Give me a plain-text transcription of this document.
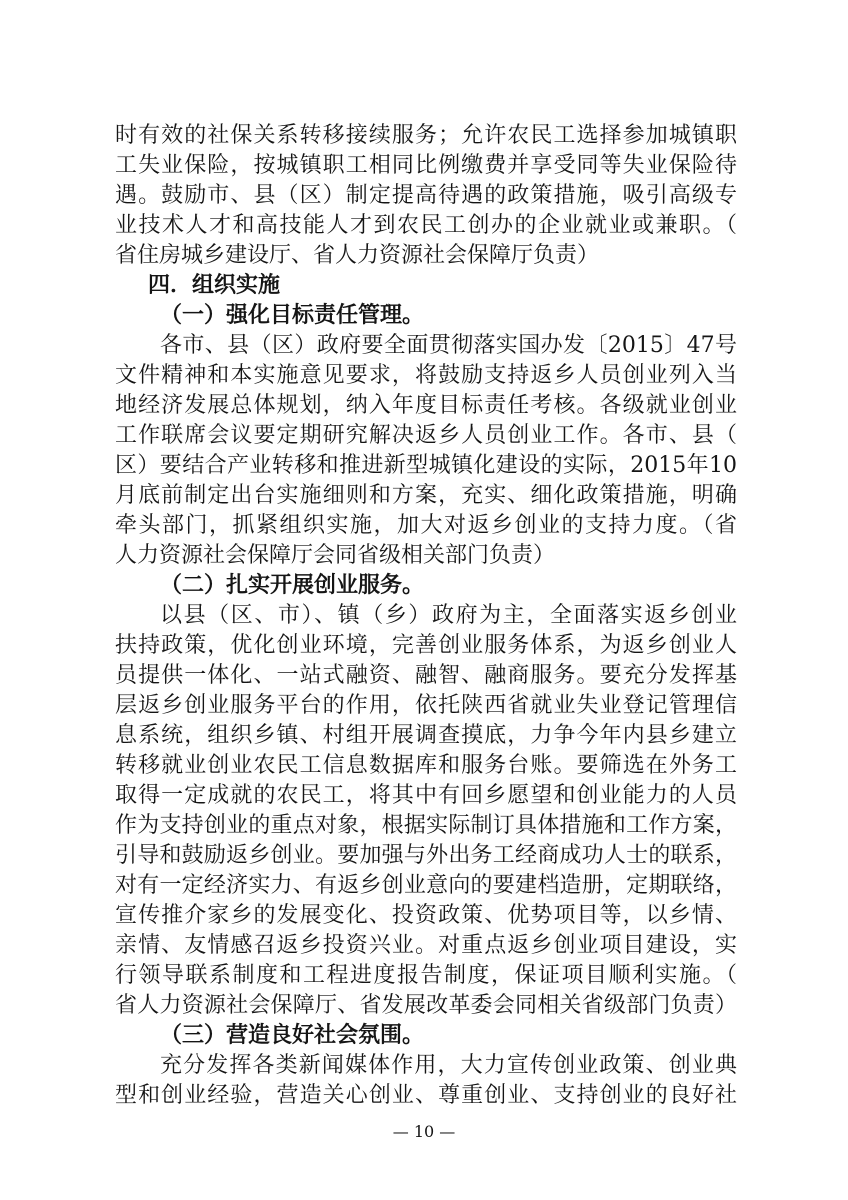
时有效的社保关系转移接续服务；允许农民工选择参加城镇职
工失业保险，按城镇职工相同比例缴费并享受同等失业保险待
遇。鼓励市、县（区）制定提高待遇的政策措施，吸引高级专
业技术人才和高技能人才到农民工创办的企业就业或兼职。（
省住房城乡建设厅、省人力资源社会保障厅负责）
四．组织实施
（一）强化目标责任管理。
各市、县（区）政府要全面贯彻落实国办发〔2015〕47号
文件精神和本实施意见要求，将鼓励支持返乡人员创业列入当
地经济发展总体规划，纳入年度目标责任考核。各级就业创业
工作联席会议要定期研究解决返乡人员创业工作。各市、县（
区）要结合产业转移和推进新型城镇化建设的实际，2015年10
月底前制定出台实施细则和方案，充实、细化政策措施，明确
牵头部门，抓紧组织实施，加大对返乡创业的支持力度。（省
人力资源社会保障厅会同省级相关部门负责）
（二）扎实开展创业服务。
以县（区、市）、镇（乡）政府为主，全面落实返乡创业
扶持政策，优化创业环境，完善创业服务体系，为返乡创业人
员提供一体化、一站式融资、融智、融商服务。要充分发挥基
层返乡创业服务平台的作用，依托陕西省就业失业登记管理信
息系统，组织乡镇、村组开展调查摸底，力争今年内县乡建立
转移就业创业农民工信息数据库和服务台账。要筛选在外务工
取得一定成就的农民工，将其中有回乡愿望和创业能力的人员
作为支持创业的重点对象，根据实际制订具体措施和工作方案，
引导和鼓励返乡创业。要加强与外出务工经商成功人士的联系，
对有一定经济实力、有返乡创业意向的要建档造册，定期联络，
宣传推介家乡的发展变化、投资政策、优势项目等，以乡情、
亲情、友情感召返乡投资兴业。对重点返乡创业项目建设，实
行领导联系制度和工程进度报告制度，保证项目顺利实施。（
省人力资源社会保障厅、省发展改革委会同相关省级部门负责）
（三）营造良好社会氛围。
充分发挥各类新闻媒体作用，大力宣传创业政策、创业典
型和创业经验，营造关心创业、尊重创业、支持创业的良好社
— 10 —
